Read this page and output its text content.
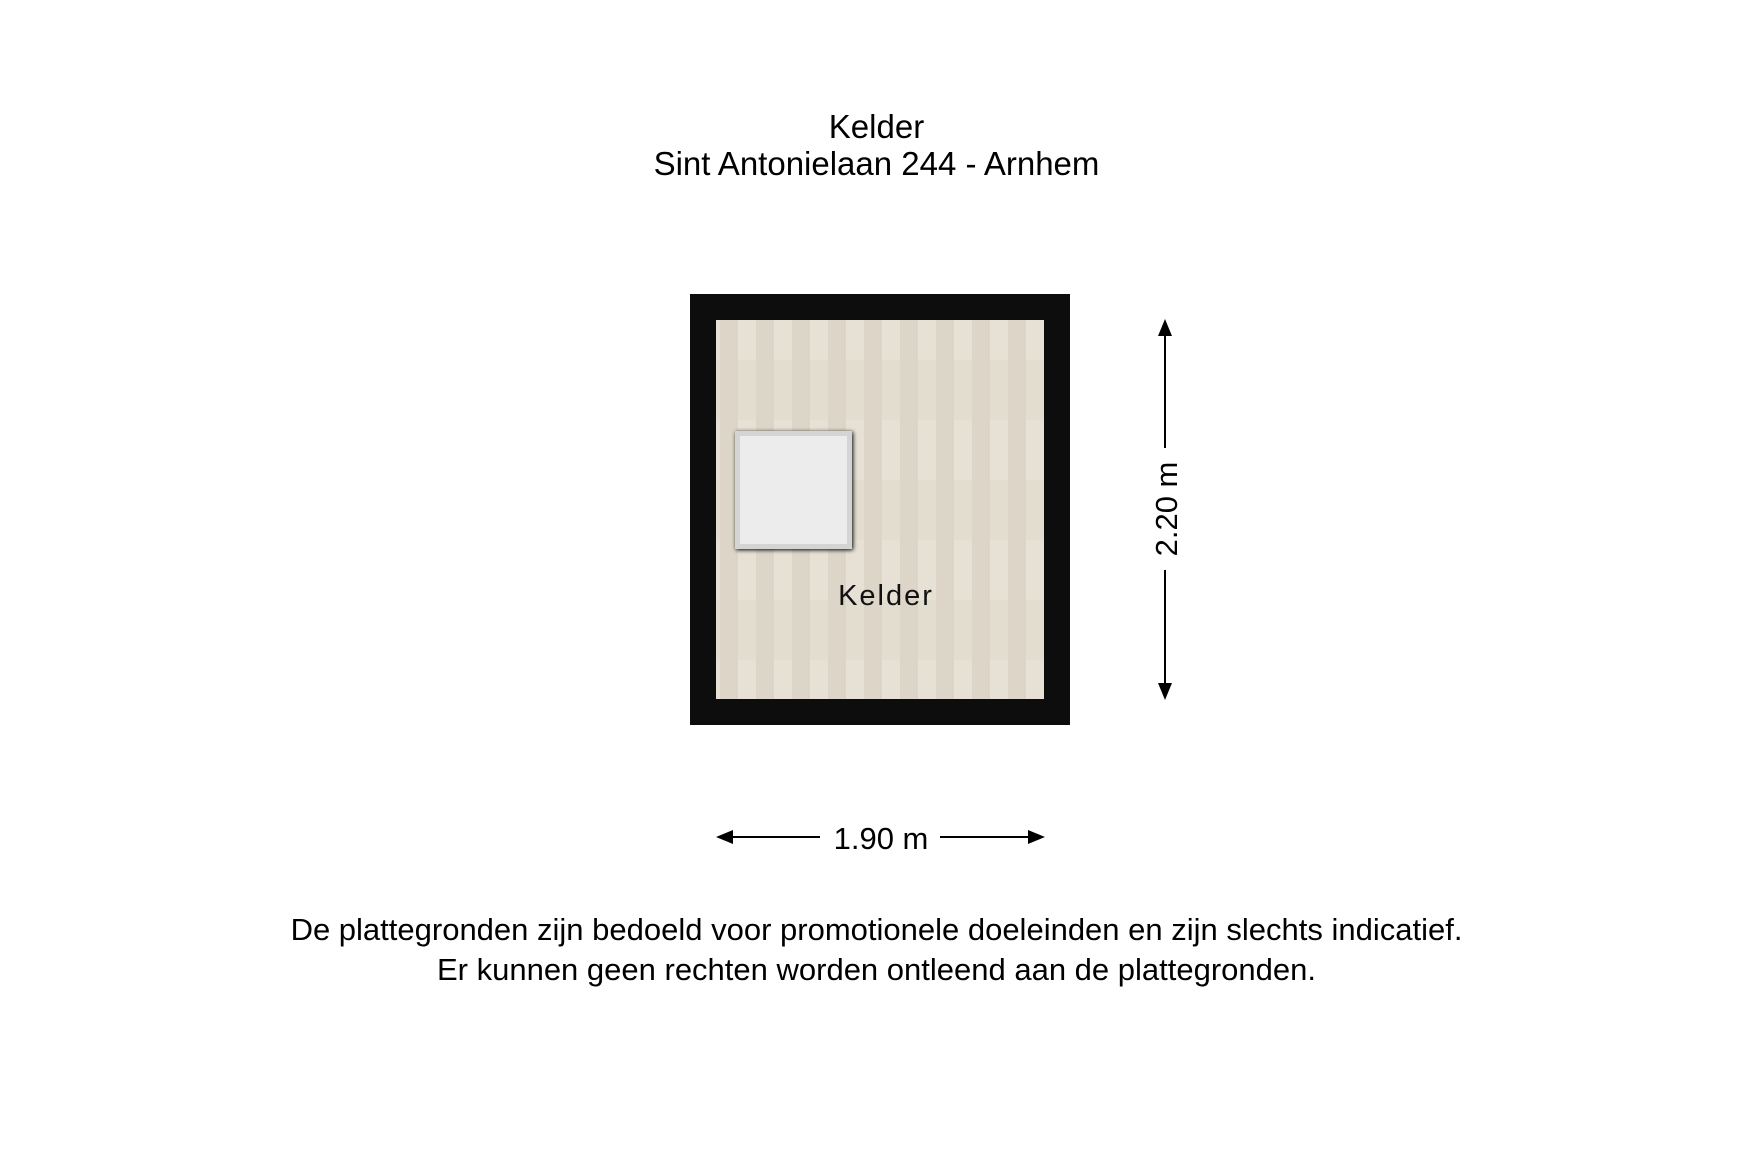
Kelder
Sint Antonielaan 244 - Arnhem
Kelder
2.20 m
1.90 m
De plattegronden zijn bedoeld voor promotionele doeleinden en zijn slechts indicatief.
Er kunnen geen rechten worden ontleend aan de plattegronden.
